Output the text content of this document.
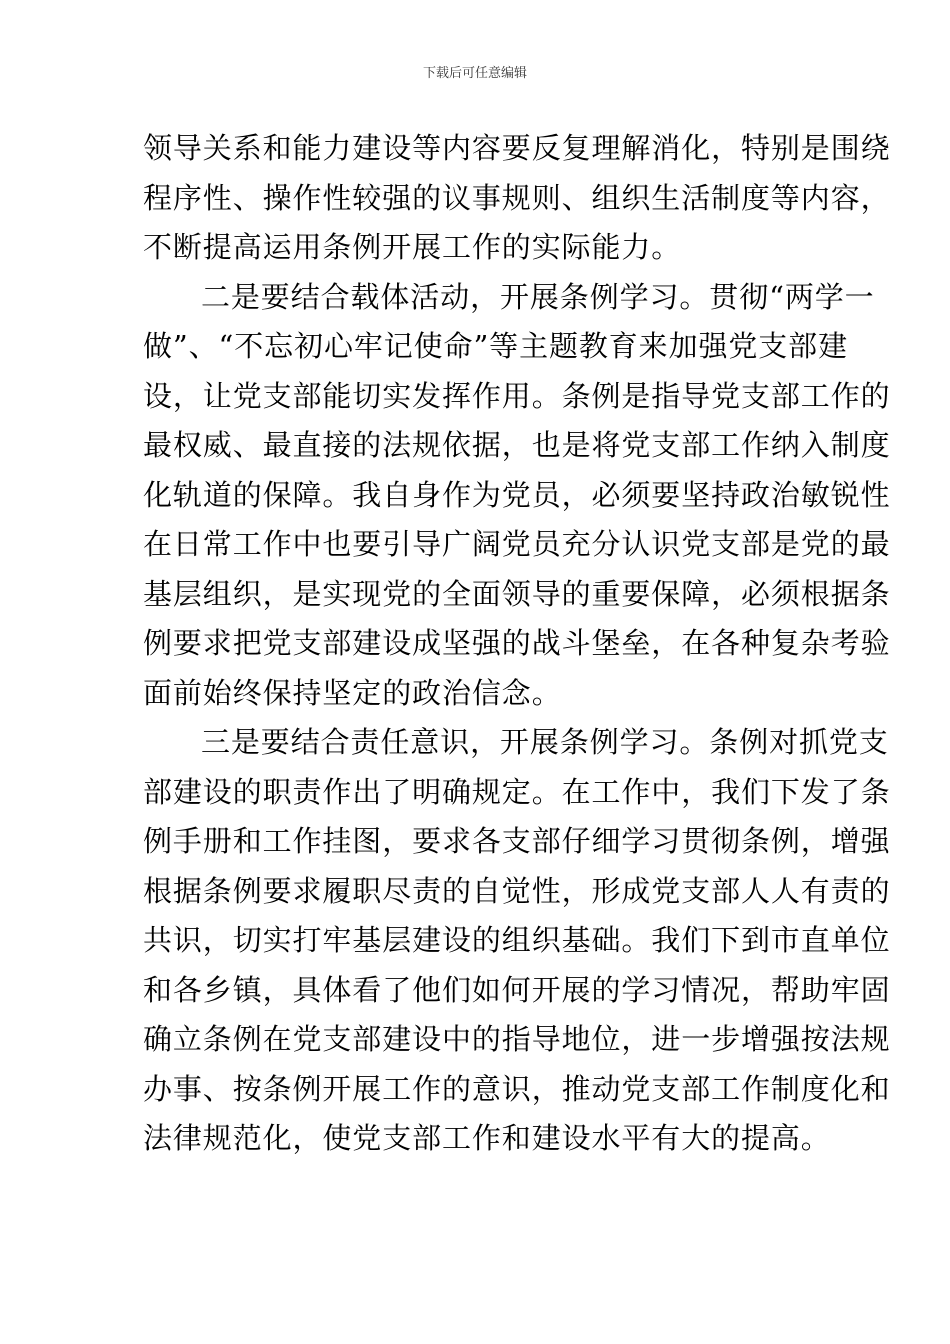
下载后可任意编辑
领导关系和能力建设等内容要反复理解消化，特别是围绕
程序性、操作性较强的议事规则、组织生活制度等内容，
不断提高运用条例开展工作的实际能力。
二是要结合载体活动，开展条例学习。贯彻“两学一
做”、“不忘初心牢记使命”等主题教育来加强党支部建
设，让党支部能切实发挥作用。条例是指导党支部工作的
最权威、最直接的法规依据，也是将党支部工作纳入制度
化轨道的保障。我自身作为党员，必须要坚持政治敏锐性
在日常工作中也要引导广阔党员充分认识党支部是党的最
基层组织，是实现党的全面领导的重要保障，必须根据条
例要求把党支部建设成坚强的战斗堡垒，在各种复杂考验
面前始终保持坚定的政治信念。
三是要结合责任意识，开展条例学习。条例对抓党支
部建设的职责作出了明确规定。在工作中，我们下发了条
例手册和工作挂图，要求各支部仔细学习贯彻条例，增强
根据条例要求履职尽责的自觉性，形成党支部人人有责的
共识，切实打牢基层建设的组织基础。我们下到市直单位
和各乡镇，具体看了他们如何开展的学习情况，帮助牢固
确立条例在党支部建设中的指导地位，进一步增强按法规
办事、按条例开展工作的意识，推动党支部工作制度化和
法律规范化，使党支部工作和建设水平有大的提高。
